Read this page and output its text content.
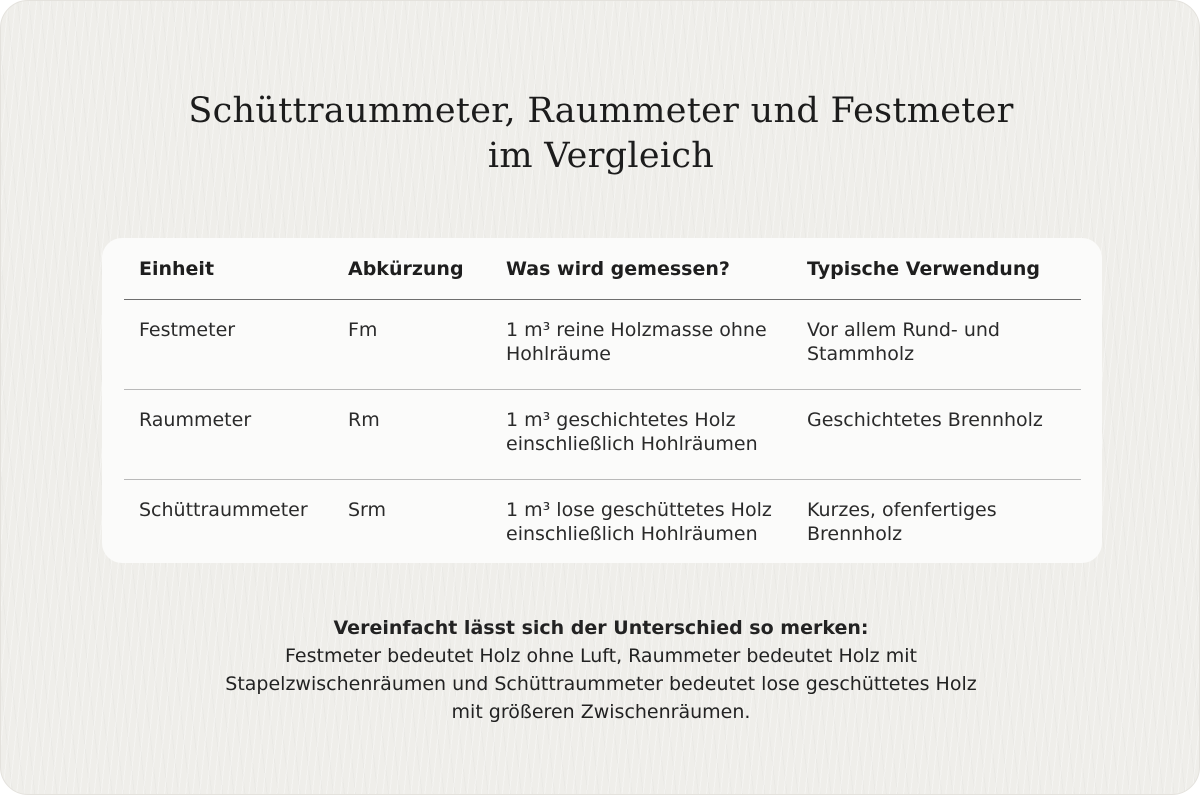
Schüttraummeter, Raummeter und Festmeter
im Vergleich
Einheit	Abkürzung	Was wird gemessen?	Typische Verwendung
Festmeter	Fm	1 m³ reine Holzmasse ohne Hohlräume	Vor allem Rund- und Stammholz
Raummeter	Rm	1 m³ geschichtetes Holz einschließlich Hohlräumen	Geschichtetes Brennholz
Schüttraummeter	Srm	1 m³ lose geschüttetes Holz einschließlich Hohlräumen	Kurzes, ofenfertiges Brennholz
Vereinfacht lässt sich der Unterschied so merken:
Festmeter bedeutet Holz ohne Luft, Raummeter bedeutet Holz mit
Stapelzwischenräumen und Schüttraummeter bedeutet lose geschüttetes Holz
mit größeren Zwischenräumen.
